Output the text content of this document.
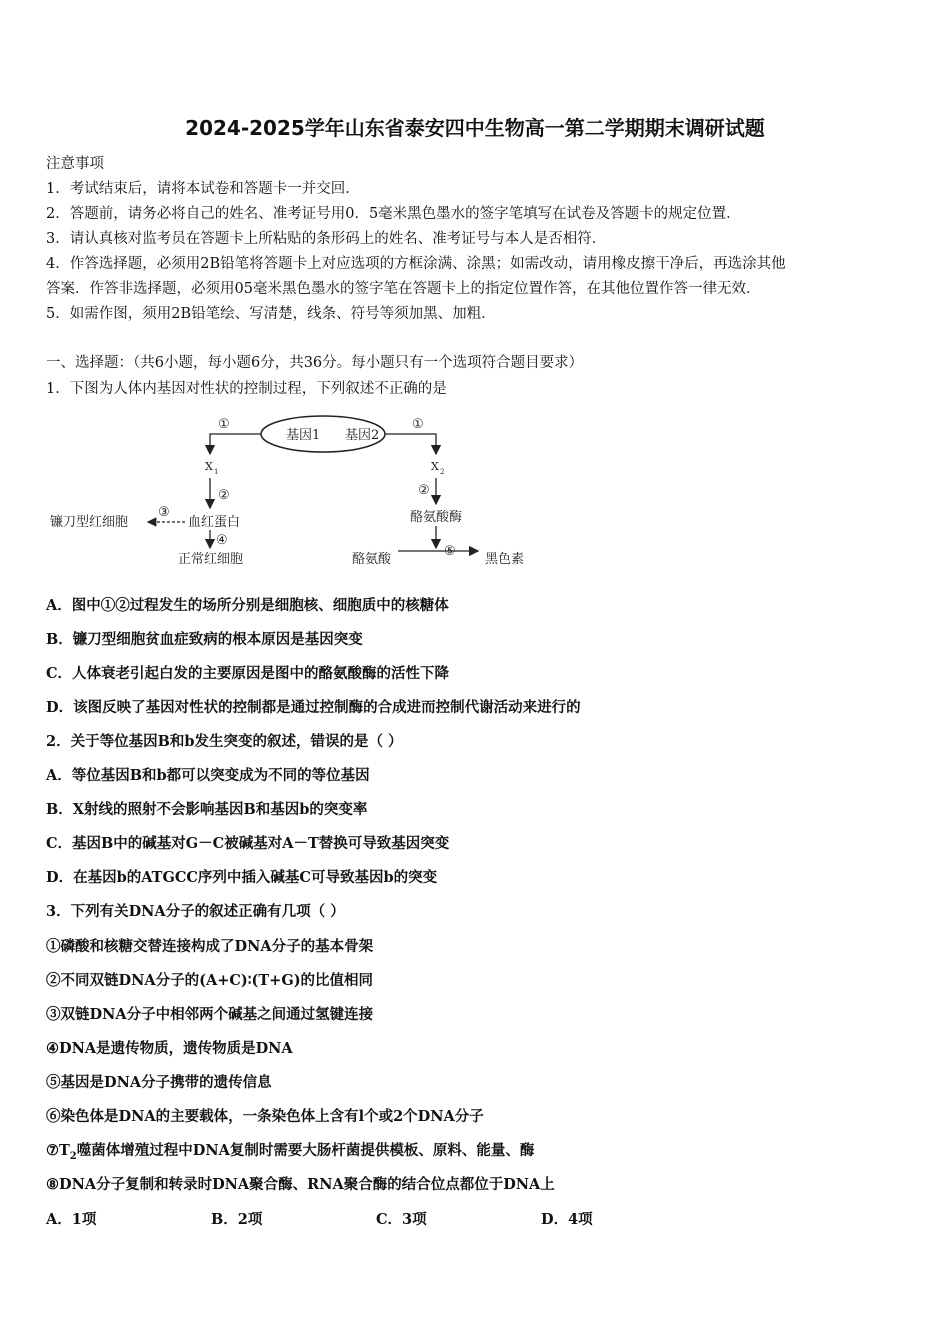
2024-2025学年山东省泰安四中生物高一第二学期期末调研试题
注意事项
1．考试结束后，请将本试卷和答题卡一并交回．
2．答题前，请务必将自己的姓名、准考证号用0．5毫米黑色墨水的签字笔填写在试卷及答题卡的规定位置．
3．请认真核对监考员在答题卡上所粘贴的条形码上的姓名、准考证号与本人是否相符．
4．作答选择题，必须用2B铅笔将答题卡上对应选项的方框涂满、涂黑；如需改动，请用橡皮擦干净后，再选涂其他
答案．作答非选择题，必须用05毫米黑色墨水的签字笔在答题卡上的指定位置作答，在其他位置作答一律无效．
5．如需作图，须用2B铅笔绘、写清楚，线条、符号等须加黑、加粗．
一、选择题：（共6小题，每小题6分，共36分。每小题只有一个选项符合题目要求）
1．下图为人体内基因对性状的控制过程，下列叙述不正确的是
基因1 基因2
①
X 1
②
血红蛋白
③
镰刀型红细胞
④
正常红细胞
①
X 2
②
酪氨酸酶
酪氨酸
⑤
黑色素
A．图中①②过程发生的场所分别是细胞核、细胞质中的核糖体
B．镰刀型细胞贫血症致病的根本原因是基因突变
C．人体衰老引起白发的主要原因是图中的酪氨酸酶的活性下降
D．该图反映了基因对性状的控制都是通过控制酶的合成进而控制代谢活动来进行的
2．关于等位基因B和b发生突变的叙述，错误的是（ ）
A．等位基因B和b都可以突变成为不同的等位基因
B．X射线的照射不会影响基因B和基因b的突变率
C．基因B中的碱基对G－C被碱基对A－T替换可导致基因突变
D．在基因b的ATGCC序列中插入碱基C可导致基因b的突变
3．下列有关DNA分子的叙述正确有几项（ ）
①磷酸和核糖交替连接构成了DNA分子的基本骨架
②不同双链DNA分子的(A+C)∶(T+G)的比值相同
③双链DNA分子中相邻两个碱基之间通过氢键连接
④DNA是遗传物质，遗传物质是DNA
⑤基因是DNA分子携带的遗传信息
⑥染色体是DNA的主要载体，一条染色体上含有l个或2个DNA分子
$⑦T_2$噬菌体增殖过程中DNA复制时需要大肠杆菌提供模板、原料、能量、酶
⑧DNA分子复制和转录时DNA聚合酶、RNA聚合酶的结合位点都位于DNA上
A．1项	B．2项	C．3项	D．4项
